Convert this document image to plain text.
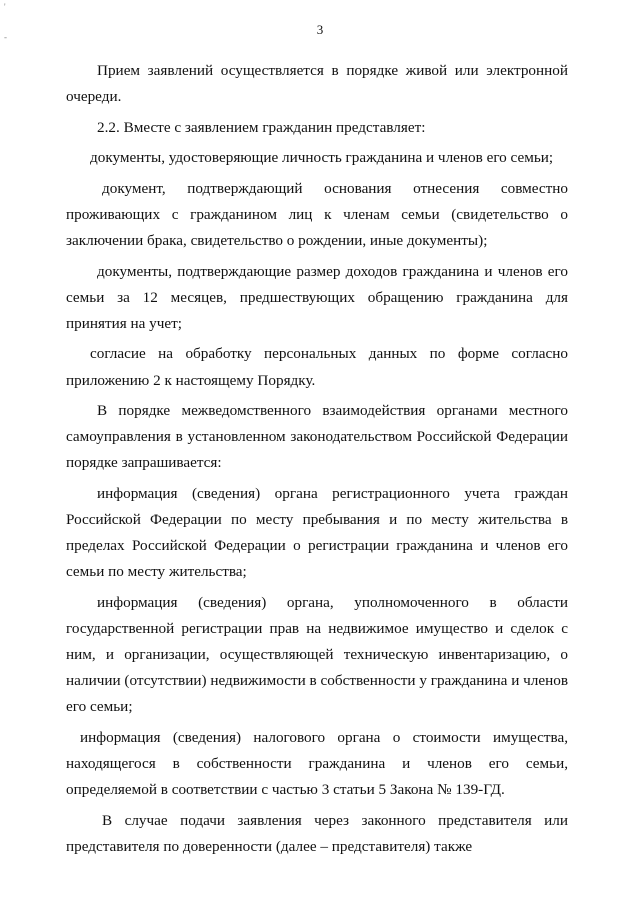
'
-	3

Прием заявлений осуществляется в порядке живой или электронной очереди.

2.2. Вместе с заявлением гражданин представляет:

документы, удостоверяющие личность гражданина и членов его семьи;

документ, подтверждающий основания отнесения совместно проживающих с гражданином лиц к членам семьи (свидетельство о заключении брака, свидетельство о рождении, иные документы);

документы, подтверждающие размер доходов гражданина и членов его семьи за 12 месяцев, предшествующих обращению гражданина для принятия на учет;

согласие на обработку персональных данных по форме согласно приложению 2 к настоящему Порядку.

В порядке межведомственного взаимодействия органами местного самоуправления в установленном законодательством Российской Федерации порядке запрашивается:

информация (сведения) органа регистрационного учета граждан Российской Федерации по месту пребывания и по месту жительства в пределах Российской Федерации о регистрации гражданина и членов его семьи по месту жительства;

информация (сведения) органа, уполномоченного в области государственной регистрации прав на недвижимое имущество и сделок с ним, и организации, осуществляющей техническую инвентаризацию, о наличии (отсутствии) недвижимости в собственности у гражданина и членов его семьи;

информация (сведения) налогового органа о стоимости имущества, находящегося в собственности гражданина и членов его семьи, определяемой в соответствии с частью 3 статьи 5 Закона № 139-ГД.

В случае подачи заявления через законного представителя или представителя по доверенности (далее – представителя) также
